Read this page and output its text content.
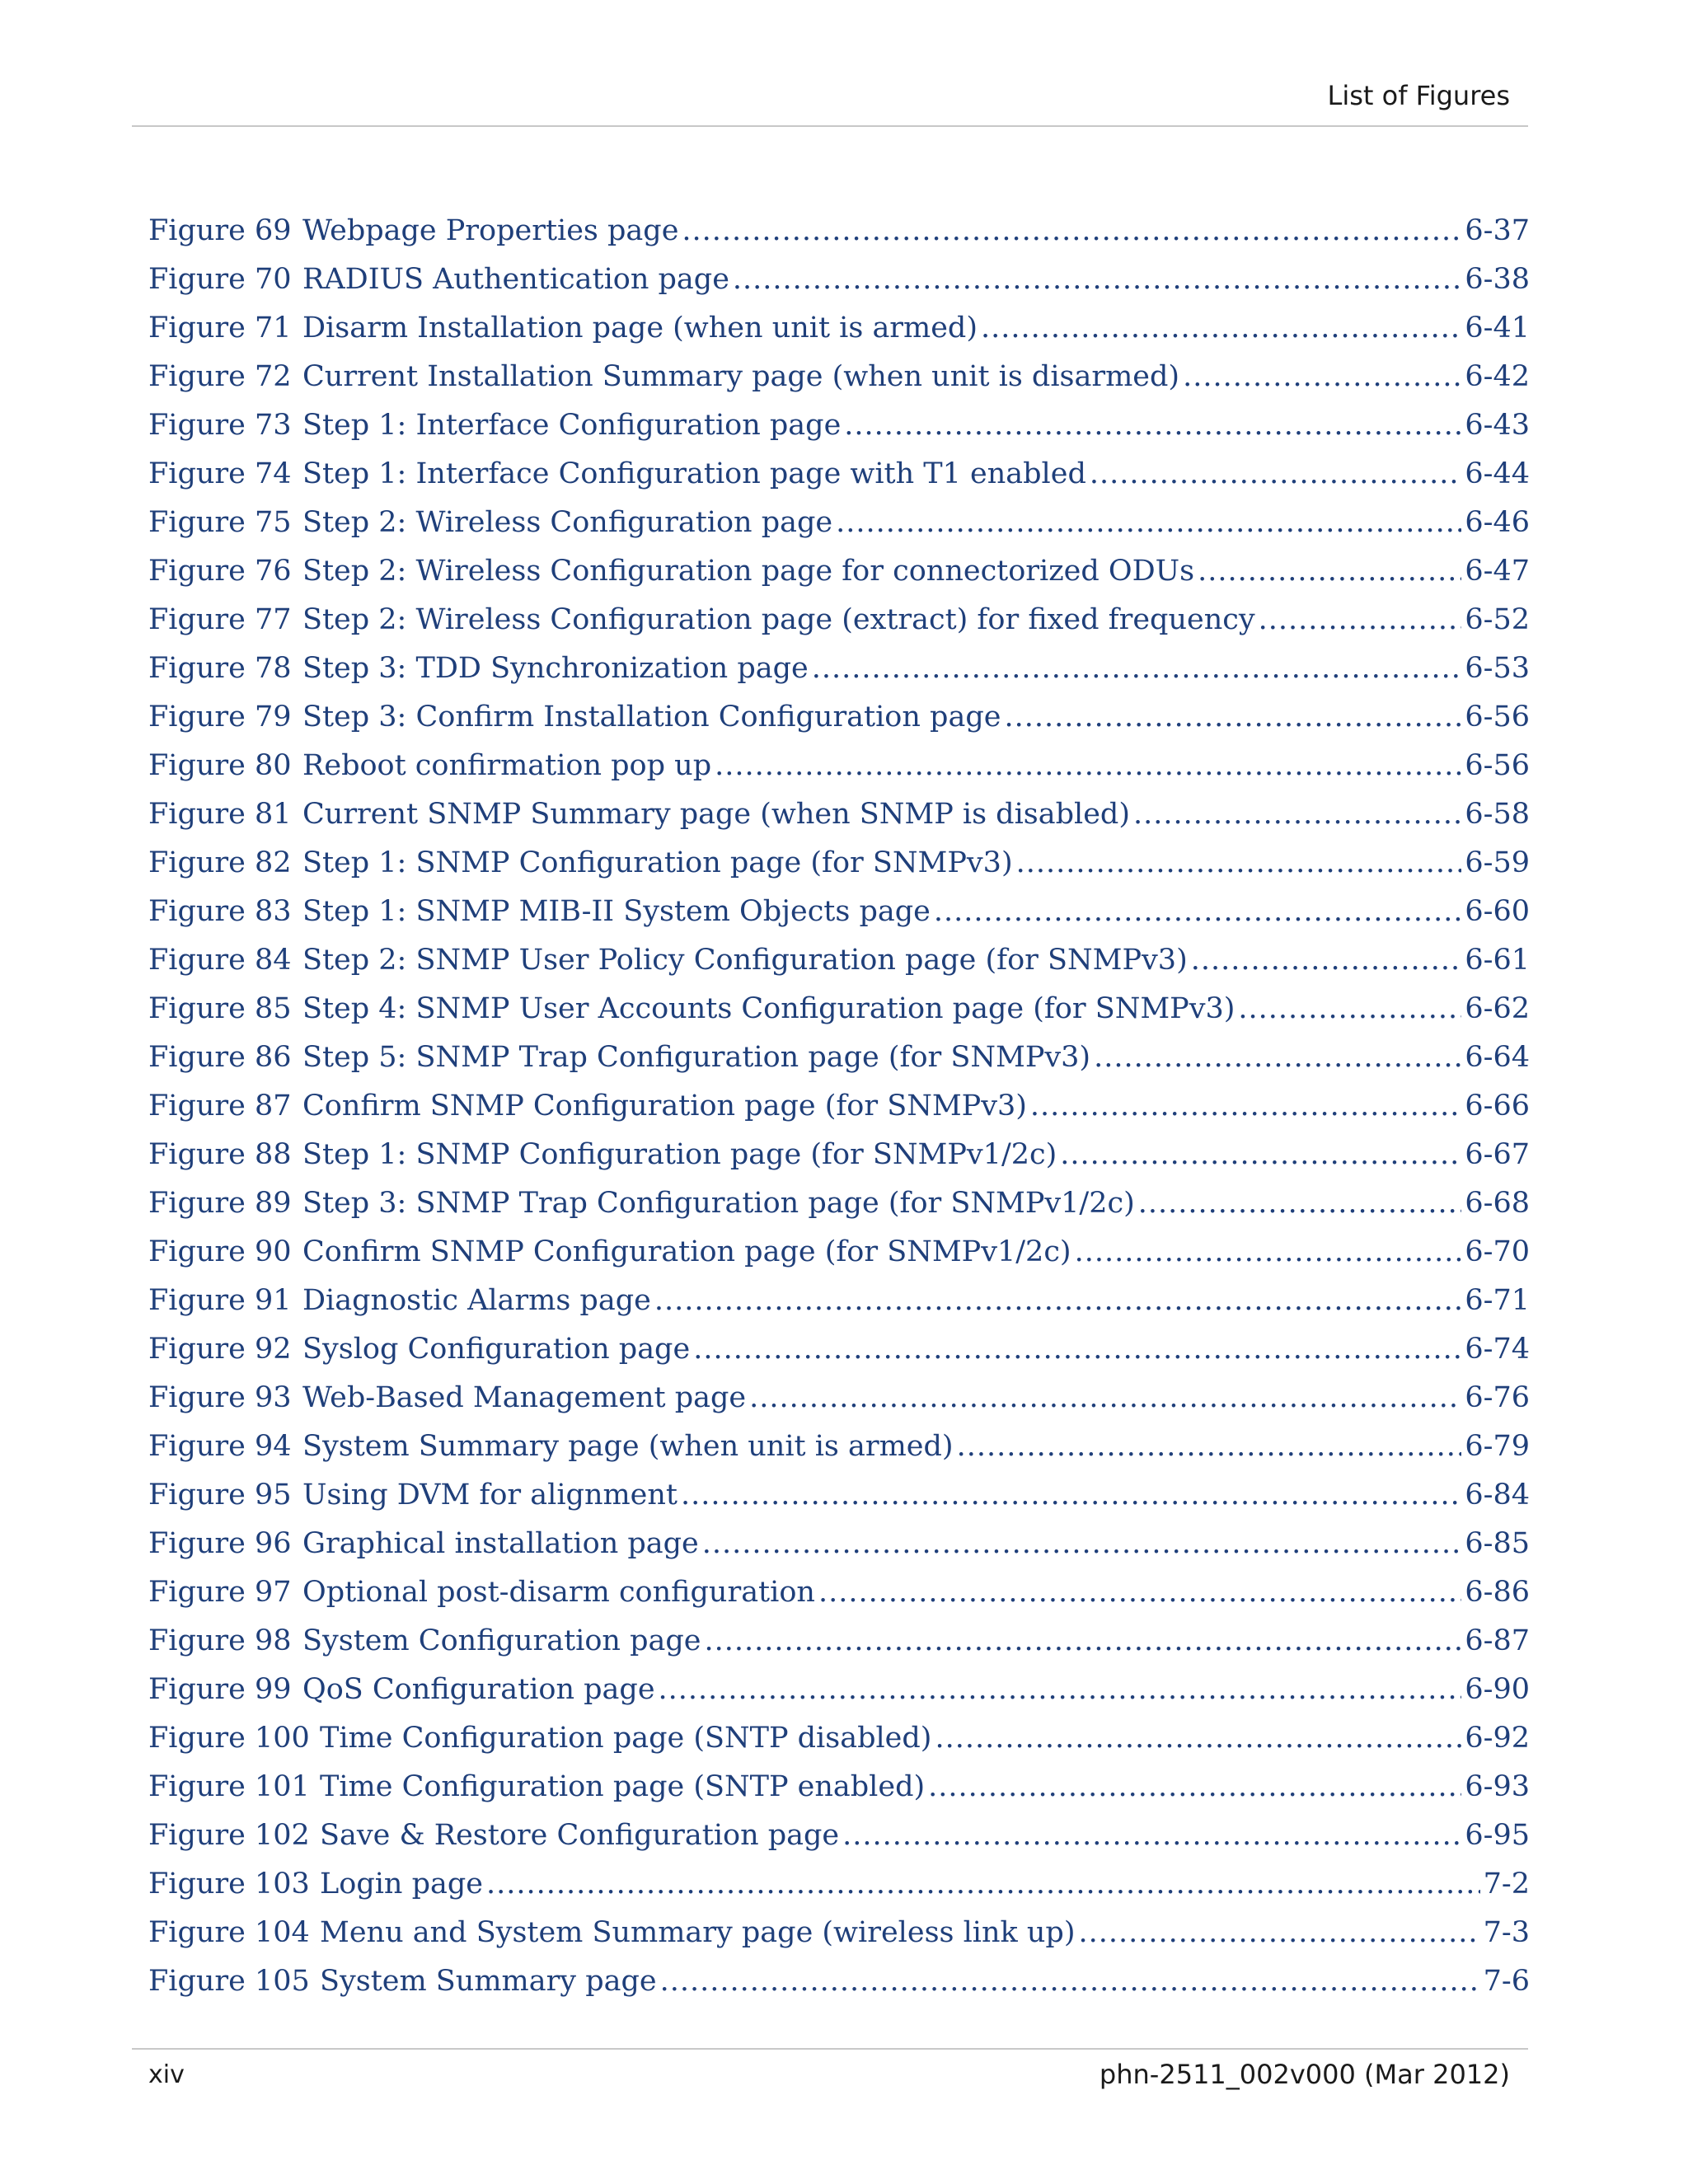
List of Figures
Figure 69 Webpage Properties page .....	6-37
Figure 70 RADIUS Authentication page .....	6-38
Figure 71 Disarm Installation page (when unit is armed) .....	6-41
Figure 72 Current Installation Summary page (when unit is disarmed) .....	6-42
Figure 73 Step 1: Interface Configuration page .....	6-43
Figure 74 Step 1: Interface Configuration page with T1 enabled .....	6-44
Figure 75 Step 2: Wireless Configuration page .....	6-46
Figure 76 Step 2: Wireless Configuration page for connectorized ODUs .....	6-47
Figure 77 Step 2: Wireless Configuration page (extract) for fixed frequency .....	6-52
Figure 78 Step 3: TDD Synchronization page .....	6-53
Figure 79 Step 3: Confirm Installation Configuration page .....	6-56
Figure 80 Reboot confirmation pop up .....	6-56
Figure 81 Current SNMP Summary page (when SNMP is disabled) .....	6-58
Figure 82 Step 1: SNMP Configuration page (for SNMPv3) .....	6-59
Figure 83 Step 1: SNMP MIB-II System Objects page .....	6-60
Figure 84 Step 2: SNMP User Policy Configuration page (for SNMPv3) .....	6-61
Figure 85 Step 4: SNMP User Accounts Configuration page (for SNMPv3) .....	6-62
Figure 86 Step 5: SNMP Trap Configuration page (for SNMPv3) .....	6-64
Figure 87 Confirm SNMP Configuration page (for SNMPv3) .....	6-66
Figure 88 Step 1: SNMP Configuration page (for SNMPv1/2c) .....	6-67
Figure 89 Step 3: SNMP Trap Configuration page (for SNMPv1/2c) .....	6-68
Figure 90 Confirm SNMP Configuration page (for SNMPv1/2c) .....	6-70
Figure 91 Diagnostic Alarms page .....	6-71
Figure 92 Syslog Configuration page .....	6-74
Figure 93 Web-Based Management page .....	6-76
Figure 94 System Summary page (when unit is armed) .....	6-79
Figure 95 Using DVM for alignment .....	6-84
Figure 96 Graphical installation page .....	6-85
Figure 97 Optional post-disarm configuration .....	6-86
Figure 98 System Configuration page .....	6-87
Figure 99 QoS Configuration page .....	6-90
Figure 100 Time Configuration page (SNTP disabled) .....	6-92
Figure 101 Time Configuration page (SNTP enabled) .....	6-93
Figure 102 Save & Restore Configuration page .....	6-95
Figure 103 Login page .....	7-2
Figure 104 Menu and System Summary page (wireless link up) .....	7-3
Figure 105 System Summary page .....	7-6
xiv	phn-2511_002v000 (Mar 2012)
